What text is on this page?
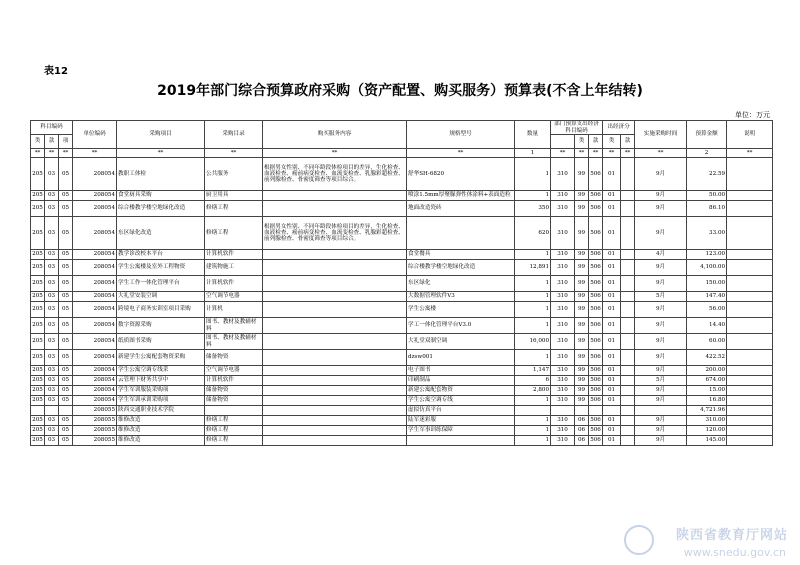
表12
2019年部门综合预算政府采购（资产配置、购买服务）预算表(不含上年结转)
单位：万元
科目编码			单位编码	采购项目	采购目录	购买服务内容	规格型号	数量	部门预算支出经济科目编码			出经济分		实施采购时间	预算金额	说明
类	款	项								类	款	类	款			
**	**	**	**	**	**	**	**	1	**	**	**	**	**	**	2	**
205	03	05	208054	教职工体检	公共服务	根据男女性别、不同年龄段体检项目的差异，生化检查、血液检查、癌前病变检查、血流变检查、乳腺彩超检查、前列腺检查、骨密度筛查等项目综合。	舒华SH-6820	1	310	99	506	01		9月	22.59	
205	03	05	208054	食堂厨具采购	厨卫用具		喷涂1.5mm厚聚脲弹性体涂料+表面造粒	1	310	99	506	01		9月	50.00	
205	03	05	208054	综合楼教学楼空地绿化改造	修缮工程		地面改造瓷砖	350	310	99	506	01		9月	86.10	
205	03	05	208054	东区绿化改造	修缮工程	根据男女性别、不同年龄段体检项目的差异，生化检查、血液检查、癌前病变检查、血流变检查、乳腺彩超检查、前列腺检查、骨密度筛查等项目综合。		620	310	99	506	01		9月	33.00	
205	03	05	208054	教学诊改校本平台	计算机软件		食堂餐具	1	310	99	506	01		4月	123.00	
205	03	05	208054	学生公寓楼及室外工程物资	建筑物施工		综合楼教学楼空地绿化改造	12,891	310	99	506	01		9月	4,100.00	
205	03	05	208054	学生工作一体化管理平台	计算机软件		东区绿化	1	310	99	506	01		9月	150.00	
205	03	05	208054	大礼堂安装空调	空气调节电器		大数据管理软件V3	1	310	99	506	01		5月	147.40	
205	03	05	208054	跨境电子商务实训室项目采购	计算机		学生公寓楼	1	310	99	506	01		9月	56.00	
205	03	05	208054	数字资源采购	图书、教材及教辅材料		学工一体化管理平台V3.0	1	310	99	506	01		9月	14.40	
205	03	05	208054	纸质图书采购	图书、教材及教辅材料		大礼堂双制空调	16,000	310	99	506	01		9月	60.00	
205	03	05	208054	新建学生公寓配套物资采购	储备物资		dzsw001	1	310	99	506	01		9月	422.52	
205	03	05	208054	学生公寓空调专线采	空气调节电器		电子图书	1,147	310	99	506	01		9月	200.00	
205	03	05	208054	云管理下财务共享中	计算机软件		印刷制品	6	310	99	506	01		5月	674.00	
205	03	05	208054	学生军训服装采购项	储备物资		新建公寓配套物资	2,800	310	99	506	01		9月	15.00	
205	03	05	208054	学生军训承训采购项	储备物资		学生公寓空调专线	1	310	99	506	01		9月	16.80	
			208055	陕西交通职业技术学院			虚拟仿真平台								4,721.96	
205	03	05	208055	维修改造	修缮工程		陆军迷彩服	1	310	06	506	01		9月	310.00	
205	03	05	208055	维修改造	修缮工程		学生军事训练保障	1	310	06	506	01		9月	120.00	
205	03	05	208055	维修改造	修缮工程			1	310	06	506	01		9月	145.00	
陕西省教育厅网站
www.snedu.gov.cn
